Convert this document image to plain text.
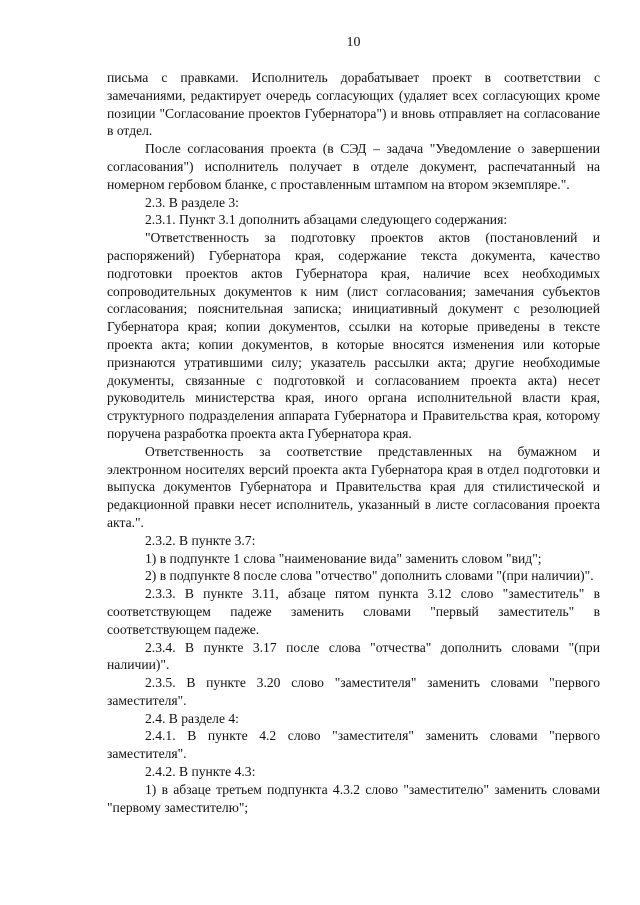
10

письма с правками. Исполнитель дорабатывает проект в соответствии с замечаниями, редактирует очередь согласующих (удаляет всех согласующих кроме позиции "Согласование проектов Губернатора") и вновь отправляет на согласование в отдел.

После согласования проекта (в СЭД – задача "Уведомление о завершении согласования") исполнитель получает в отделе документ, распечатанный на номерном гербовом бланке, с проставленным штампом на втором экземпляре.".

2.3. В разделе 3:

2.3.1. Пункт 3.1 дополнить абзацами следующего содержания:

"Ответственность за подготовку проектов актов (постановлений и распоряжений) Губернатора края, содержание текста документа, качество подготовки проектов актов Губернатора края, наличие всех необходимых сопроводительных документов к ним (лист согласования; замечания субъектов согласования; пояснительная записка; инициативный документ с резолюцией Губернатора края; копии документов, ссылки на которые приведены в тексте проекта акта; копии документов, в которые вносятся изменения или которые признаются утратившими силу; указатель рассылки акта; другие необходимые документы, связанные с подготовкой и согласованием проекта акта) несет руководитель министерства края, иного органа исполнительной власти края, структурного подразделения аппарата Губернатора и Правительства края, которому поручена разработка проекта акта Губернатора края.

Ответственность за соответствие представленных на бумажном и электронном носителях версий проекта акта Губернатора края в отдел подготовки и выпуска документов Губернатора и Правительства края для стилистической и редакционной правки несет исполнитель, указанный в листе согласования проекта акта.".

2.3.2. В пункте 3.7:

1) в подпункте 1 слова "наименование вида" заменить словом "вид";

2) в подпункте 8 после слова "отчество" дополнить словами "(при наличии)".

2.3.3. В пункте 3.11, абзаце пятом пункта 3.12 слово "заместитель" в соответствующем падеже заменить словами "первый заместитель" в соответствующем падеже.

2.3.4. В пункте 3.17 после слова "отчества" дополнить словами "(при наличии)".

2.3.5. В пункте 3.20 слово "заместителя" заменить словами "первого заместителя".

2.4. В разделе 4:

2.4.1. В пункте 4.2 слово "заместителя" заменить словами "первого заместителя".

2.4.2. В пункте 4.3:

1) в абзаце третьем подпункта 4.3.2 слово "заместителю" заменить словами "первому заместителю";
